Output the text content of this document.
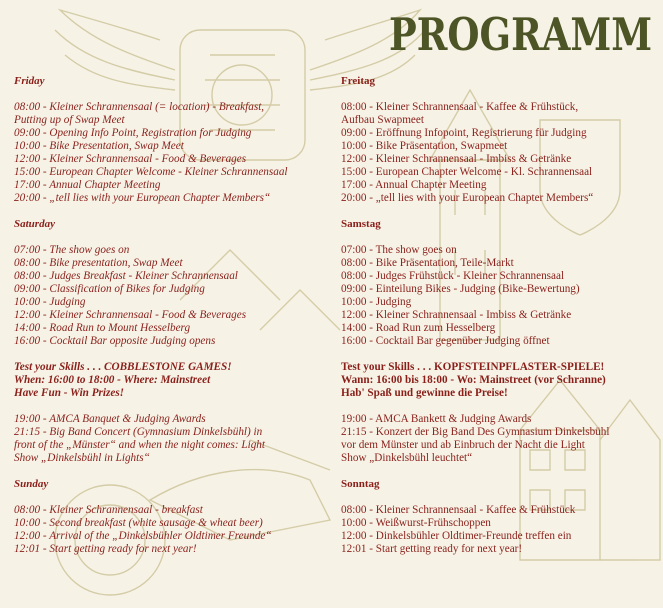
PROGRAMM
Friday
08:00 - Kleiner Schrannensaal (= location) - Breakfast,
Putting up of Swap Meet
09:00 - Opening Info Point, Registration for Judging
10:00 - Bike Presentation, Swap Meet
12:00 - Kleiner Schrannensaal - Food & Beverages
15:00 - European Chapter Welcome - Kleiner Schrannensaal
17:00 - Annual Chapter Meeting
20:00 - „tell lies with your European Chapter Members“
Saturday
07:00 - The show goes on
08:00 - Bike presentation, Swap Meet
08:00 - Judges Breakfast - Kleiner Schrannensaal
09:00 - Classification of Bikes for Judging
10:00 - Judging
12:00 - Kleiner Schrannensaal - Food & Beverages
14:00 - Road Run to Mount Hesselberg
16:00 - Cocktail Bar opposite Judging opens
Test your Skills . . . COBBLESTONE GAMES!
When: 16:00 to 18:00 - Where: Mainstreet
Have Fun - Win Prizes!
19:00 - AMCA Banquet & Judging Awards
21:15 - Big Band Concert (Gymnasium Dinkelsbühl) in
front of the „Münster“ and when the night comes: Light
Show „Dinkelsbühl in Lights“
Sunday
08:00 - Kleiner Schrannensaal - breakfast
10:00 - Second breakfast (white sausage & wheat beer)
12:00 - Arrival of the „Dinkelsbühler Oldtimer Freunde“
12:01 - Start getting ready for next year!
Freitag
08:00 - Kleiner Schrannensaal - Kaffee & Frühstück,
Aufbau Swapmeet
09:00 - Eröffnung Infopoint, Registrierung für Judging
10:00 - Bike Präsentation, Swapmeet
12:00 - Kleiner Schrannensaal - Imbiss & Getränke
15:00 - European Chapter Welcome - Kl. Schrannensaal
17:00 - Annual Chapter Meeting
20:00 - „tell lies with your European Chapter Members“
Samstag
07:00 - The show goes on
08:00 - Bike Präsentation, Teile-Markt
08:00 - Judges Frühstück - Kleiner Schrannensaal
09:00 - Einteilung Bikes - Judging (Bike-Bewertung)
10:00 - Judging
12:00 - Kleiner Schrannensaal - Imbiss & Getränke
14:00 - Road Run zum Hesselberg
16:00 - Cocktail Bar gegenüber Judging öffnet
Test your Skills . . . KOPFSTEINPFLASTER-SPIELE!
Wann: 16:00 bis 18:00 - Wo: Mainstreet (vor Schranne)
Hab' Spaß und gewinne die Preise!
19:00 - AMCA Bankett & Judging Awards
21:15 - Konzert der Big Band Des Gymnasium Dinkelsbühl
vor dem Münster und ab Einbruch der Nacht die Light
Show „Dinkelsbühl leuchtet“
Sonntag
08:00 - Kleiner Schrannensaal - Kaffee & Frühstück
10:00 - Weißwurst-Frühschoppen
12:00 - Dinkelsbühler Oldtimer-Freunde treffen ein
12:01 - Start getting ready for next year!
